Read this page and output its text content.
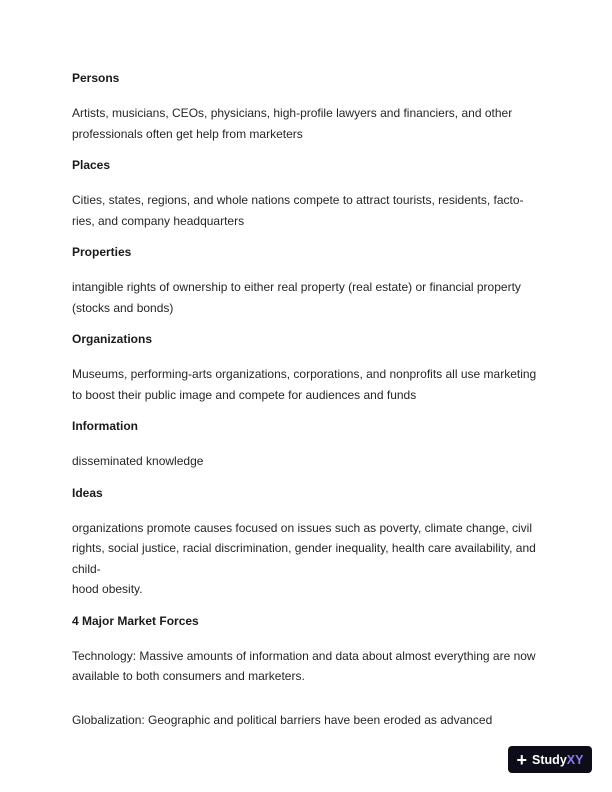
Persons
Artists, musicians, CEOs, physicians, high-profile lawyers and financiers, and other
professionals often get help from marketers
Places
Cities, states, regions, and whole nations compete to attract tourists, residents, facto-
ries, and company headquarters
Properties
intangible rights of ownership to either real property (real estate) or financial property
(stocks and bonds)
Organizations
Museums, performing-arts organizations, corporations, and nonprofits all use marketing
to boost their public image and compete for audiences and funds
Information
disseminated knowledge
Ideas
organizations promote causes focused on issues such as poverty, climate change, civil
rights, social justice, racial discrimination, gender inequality, health care availability, and
child-
hood obesity.
4 Major Market Forces
Technology: Massive amounts of information and data about almost everything are now
available to both consumers and marketers.
Globalization: Geographic and political barriers have been eroded as advanced
+ Study XY
